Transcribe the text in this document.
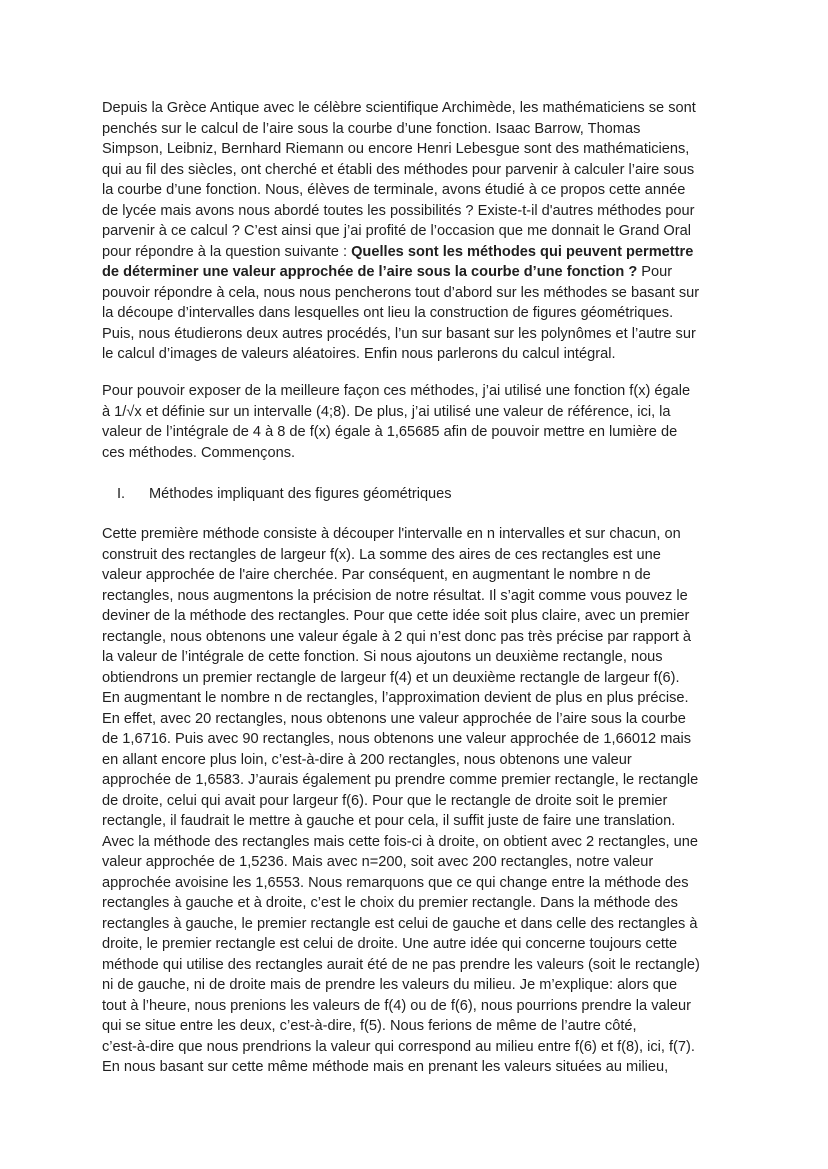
Depuis la Grèce Antique avec le célèbre scientifique Archimède, les mathématiciens se sont
penchés sur le calcul de l’aire sous la courbe d’une fonction. Isaac Barrow, Thomas
Simpson, Leibniz, Bernhard Riemann ou encore Henri Lebesgue sont des mathématiciens,
qui au fil des siècles, ont cherché et établi des méthodes pour parvenir à calculer l’aire sous
la courbe d’une fonction. Nous, élèves de terminale, avons étudié à ce propos cette année
de lycée mais avons nous abordé toutes les possibilités ? Existe-t-il d'autres méthodes pour
parvenir à ce calcul ? C’est ainsi que j’ai profité de l’occasion que me donnait le Grand Oral
pour répondre à la question suivante : Quelles sont les méthodes qui peuvent permettre
de déterminer une valeur approchée de l’aire sous la courbe d’une fonction ? Pour
pouvoir répondre à cela, nous nous pencherons tout d’abord sur les méthodes se basant sur
la découpe d’intervalles dans lesquelles ont lieu la construction de figures géométriques.
Puis, nous étudierons deux autres procédés, l’un sur basant sur les polynômes et l’autre sur
le calcul d’images de valeurs aléatoires. Enfin nous parlerons du calcul intégral.
Pour pouvoir exposer de la meilleure façon ces méthodes, j’ai utilisé une fonction f(x) égale
à 1/√x et définie sur un intervalle (4;8). De plus, j’ai utilisé une valeur de référence, ici, la
valeur de l’intégrale de 4 à 8 de f(x) égale à 1,65685 afin de pouvoir mettre en lumière de
ces méthodes. Commençons.
I. Méthodes impliquant des figures géométriques
Cette première méthode consiste à découper l'intervalle en n intervalles et sur chacun, on
construit des rectangles de largeur f(x). La somme des aires de ces rectangles est une
valeur approchée de l'aire cherchée. Par conséquent, en augmentant le nombre n de
rectangles, nous augmentons la précision de notre résultat. Il s’agit comme vous pouvez le
deviner de la méthode des rectangles. Pour que cette idée soit plus claire, avec un premier
rectangle, nous obtenons une valeur égale à 2 qui n’est donc pas très précise par rapport à
la valeur de l’intégrale de cette fonction. Si nous ajoutons un deuxième rectangle, nous
obtiendrons un premier rectangle de largeur f(4) et un deuxième rectangle de largeur f(6).
En augmentant le nombre n de rectangles, l’approximation devient de plus en plus précise.
En effet, avec 20 rectangles, nous obtenons une valeur approchée de l’aire sous la courbe
de 1,6716. Puis avec 90 rectangles, nous obtenons une valeur approchée de 1,66012 mais
en allant encore plus loin, c’est-à-dire à 200 rectangles, nous obtenons une valeur
approchée de 1,6583. J’aurais également pu prendre comme premier rectangle, le rectangle
de droite, celui qui avait pour largeur f(6). Pour que le rectangle de droite soit le premier
rectangle, il faudrait le mettre à gauche et pour cela, il suffit juste de faire une translation.
Avec la méthode des rectangles mais cette fois-ci à droite, on obtient avec 2 rectangles, une
valeur approchée de 1,5236. Mais avec n=200, soit avec 200 rectangles, notre valeur
approchée avoisine les 1,6553. Nous remarquons que ce qui change entre la méthode des
rectangles à gauche et à droite, c’est le choix du premier rectangle. Dans la méthode des
rectangles à gauche, le premier rectangle est celui de gauche et dans celle des rectangles à
droite, le premier rectangle est celui de droite. Une autre idée qui concerne toujours cette
méthode qui utilise des rectangles aurait été de ne pas prendre les valeurs (soit le rectangle)
ni de gauche, ni de droite mais de prendre les valeurs du milieu. Je m’explique: alors que
tout à l’heure, nous prenions les valeurs de f(4) ou de f(6), nous pourrions prendre la valeur
qui se situe entre les deux, c’est-à-dire, f(5). Nous ferions de même de l’autre côté,
c’est-à-dire que nous prendrions la valeur qui correspond au milieu entre f(6) et f(8), ici, f(7).
En nous basant sur cette même méthode mais en prenant les valeurs situées au milieu,
